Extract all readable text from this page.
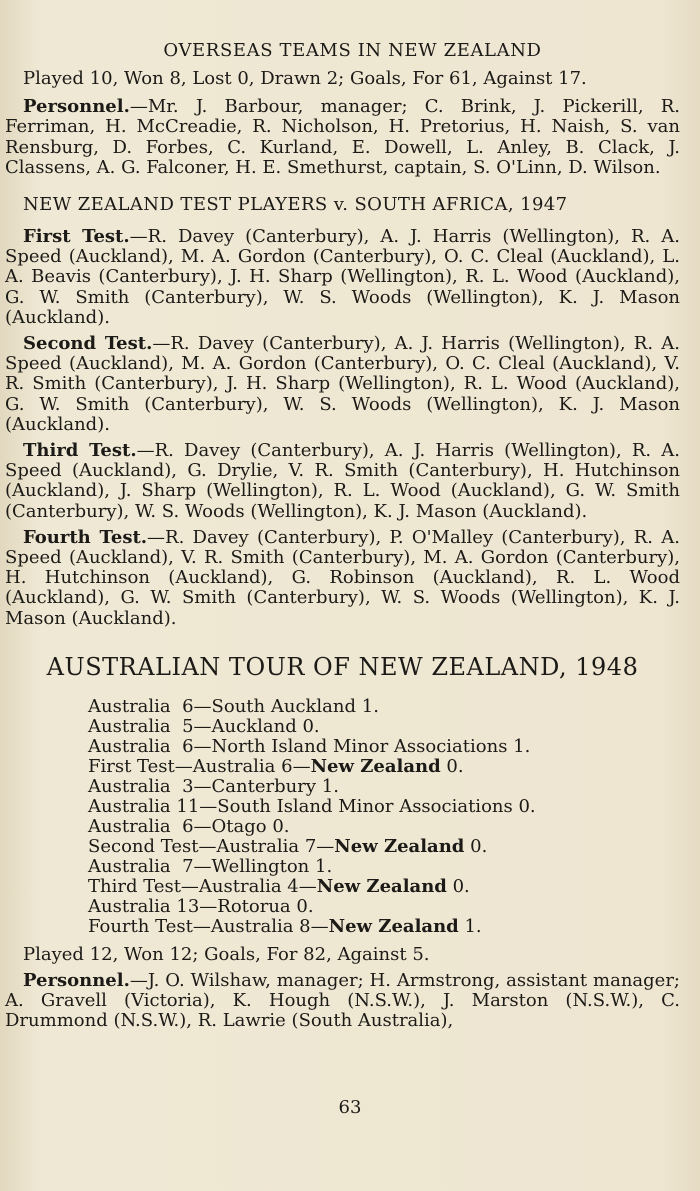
OVERSEAS TEAMS IN NEW ZEALAND

Played 10, Won 8, Lost 0, Drawn 2; Goals, For 61, Against 17.

Personnel.—Mr. J. Barbour, manager; C. Brink, J. Pickerill, R. Ferriman, H. McCreadie, R. Nicholson, H. Pretorius, H. Naish, S. van Rensburg, D. Forbes, C. Kurland, E. Dowell, L. Anley, B. Clack, J. Classens, A. G. Falconer, H. E. Smethurst, captain, S. O'Linn, D. Wilson.

NEW ZEALAND TEST PLAYERS v. SOUTH AFRICA, 1947

First Test.—R. Davey (Canterbury), A. J. Harris (Wellington), R. A. Speed (Auckland), M. A. Gordon (Canterbury), O. C. Cleal (Auckland), L. A. Beavis (Canterbury), J. H. Sharp (Wellington), R. L. Wood (Auckland), G. W. Smith (Canterbury), W. S. Woods (Wellington), K. J. Mason (Auckland).

Second Test.—R. Davey (Canterbury), A. J. Harris (Wellington), R. A. Speed (Auckland), M. A. Gordon (Canterbury), O. C. Cleal (Auckland), V. R. Smith (Canterbury), J. H. Sharp (Wellington), R. L. Wood (Auckland), G. W. Smith (Canterbury), W. S. Woods (Wellington), K. J. Mason (Auckland).

Third Test.—R. Davey (Canterbury), A. J. Harris (Wellington), R. A. Speed (Auckland), G. Drylie, V. R. Smith (Canterbury), H. Hutchinson (Auckland), J. Sharp (Wellington), R. L. Wood (Auckland), G. W. Smith (Canterbury), W. S. Woods (Wellington), K. J. Mason (Auckland).

Fourth Test.—R. Davey (Canterbury), P. O'Malley (Canterbury), R. A. Speed (Auckland), V. R. Smith (Canterbury), M. A. Gordon (Canterbury), H. Hutchinson (Auckland), G. Robinson (Auckland), R. L. Wood (Auckland), G. W. Smith (Canterbury), W. S. Woods (Wellington), K. J. Mason (Auckland).

AUSTRALIAN TOUR OF NEW ZEALAND, 1948
Australia  6—South Auckland 1.
Australia  5—Auckland 0.
Australia  6—North Island Minor Associations 1.
First Test—Australia 6—New Zealand 0.
Australia  3—Canterbury 1.
Australia 11—South Island Minor Associations 0.
Australia  6—Otago 0.
Second Test—Australia 7—New Zealand 0.
Australia  7—Wellington 1.
Third Test—Australia 4—New Zealand 0.
Australia 13—Rotorua 0.
Fourth Test—Australia 8—New Zealand 1.

Played 12, Won 12; Goals, For 82, Against 5.

Personnel.—J. O. Wilshaw, manager; H. Armstrong, assistant manager; A. Gravell (Victoria), K. Hough (N.S.W.), J. Marston (N.S.W.), C. Drummond (N.S.W.), R. Lawrie (South Australia),

63
